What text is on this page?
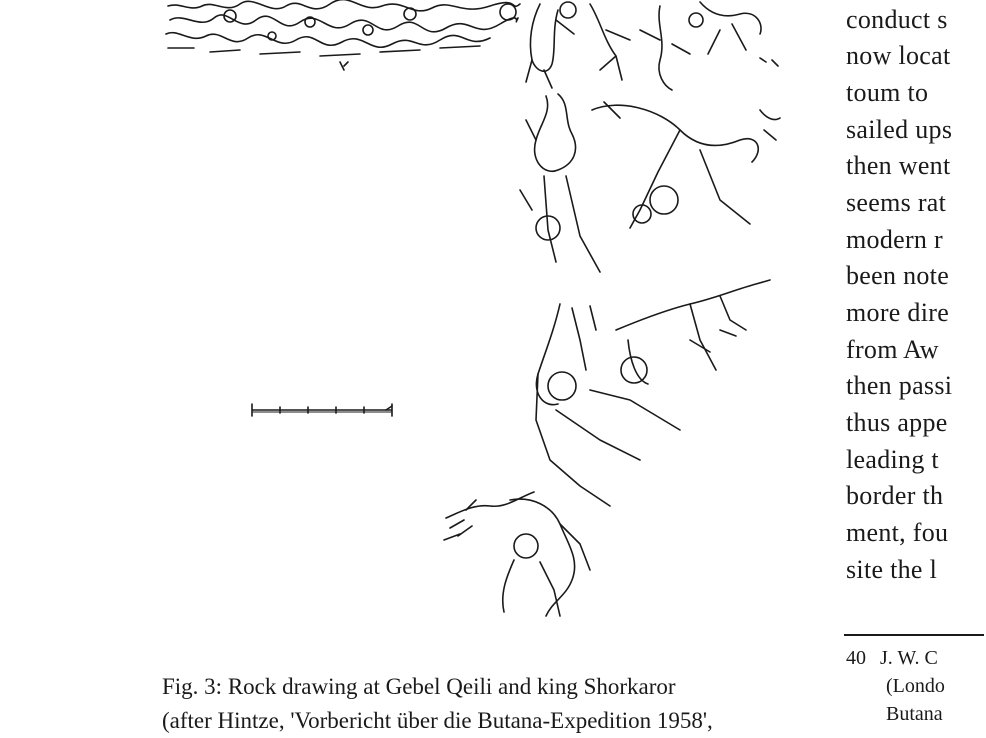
conduct s
now locat
toum to
sailed ups
then went
seems rat
modern r
been note
more dire
from Aw
then passi
thus appe
leading t
border th
ment, fou
site the l
40 J. W. C
(Londo
Butana
Fig. 3: Rock drawing at Gebel Qeili and king Shorkaror
(after Hintze, 'Vorbericht über die Butana-Expedition 1958',
